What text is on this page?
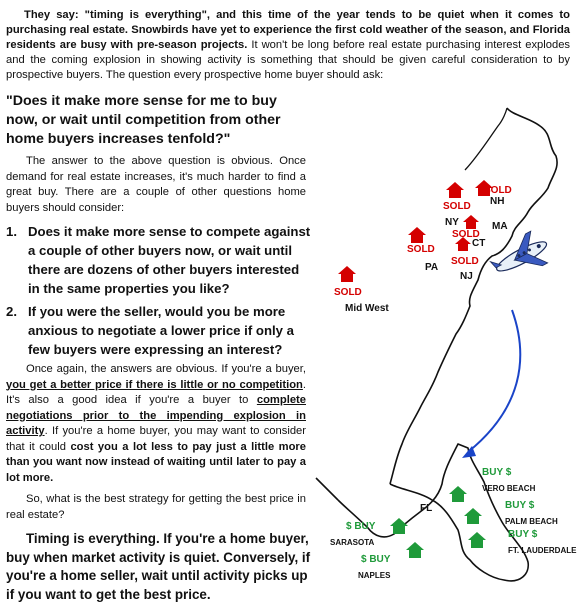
They say: "timing is everything", and this time of the year tends to be quiet when it comes to purchasing real estate. Snowbirds have yet to experience the first cold weather of the season, and Florida residents are busy with pre-season projects. It won't be long before real estate purchasing interest explodes and the coming explosion in showing activity is something that should be given careful consideration to by prospective buyers. The question every prospective home buyer should ask:
"Does it make more sense for me to buy now, or wait until competition from other home buyers increases tenfold?"
The answer to the above question is obvious. Once demand for real estate increases, it's much harder to find a great buy. There are a couple of other questions home buyers should consider:
1. Does it make more sense to compete against a couple of other buyers now, or wait until there are dozens of other buyers interested in the same properties you like?
2. If you were the seller, would you be more anxious to negotiate a lower price if only a few buyers were expressing an interest?
Once again, the answers are obvious. If you're a buyer, you get a better price if there is little or no competition. It's also a good idea if you're a buyer to complete negotiations prior to the impending explosion in activity. If you're a home buyer, you may want to consider that it could cost you a lot less to pay just a little more than you want now instead of waiting until later to pay a lot more.
So, what is the best strategy for getting the best price in real estate?
Timing is everything. If you're a home buyer, buy when market activity is quiet. Conversely, if you're a home seller, wait until activity picks up if you want to get the best price.
SOLD
SOLD
SOLD
SOLD
SOLD
SOLD
NH
NY	MA
CT
PA
NJ
FL
Mid West
BUY $
BUY $
BUY $
$ BUY
$ BUY
VERO BEACH
PALM BEACH
FT. LAUDERDALE
SARASOTA
NAPLES
